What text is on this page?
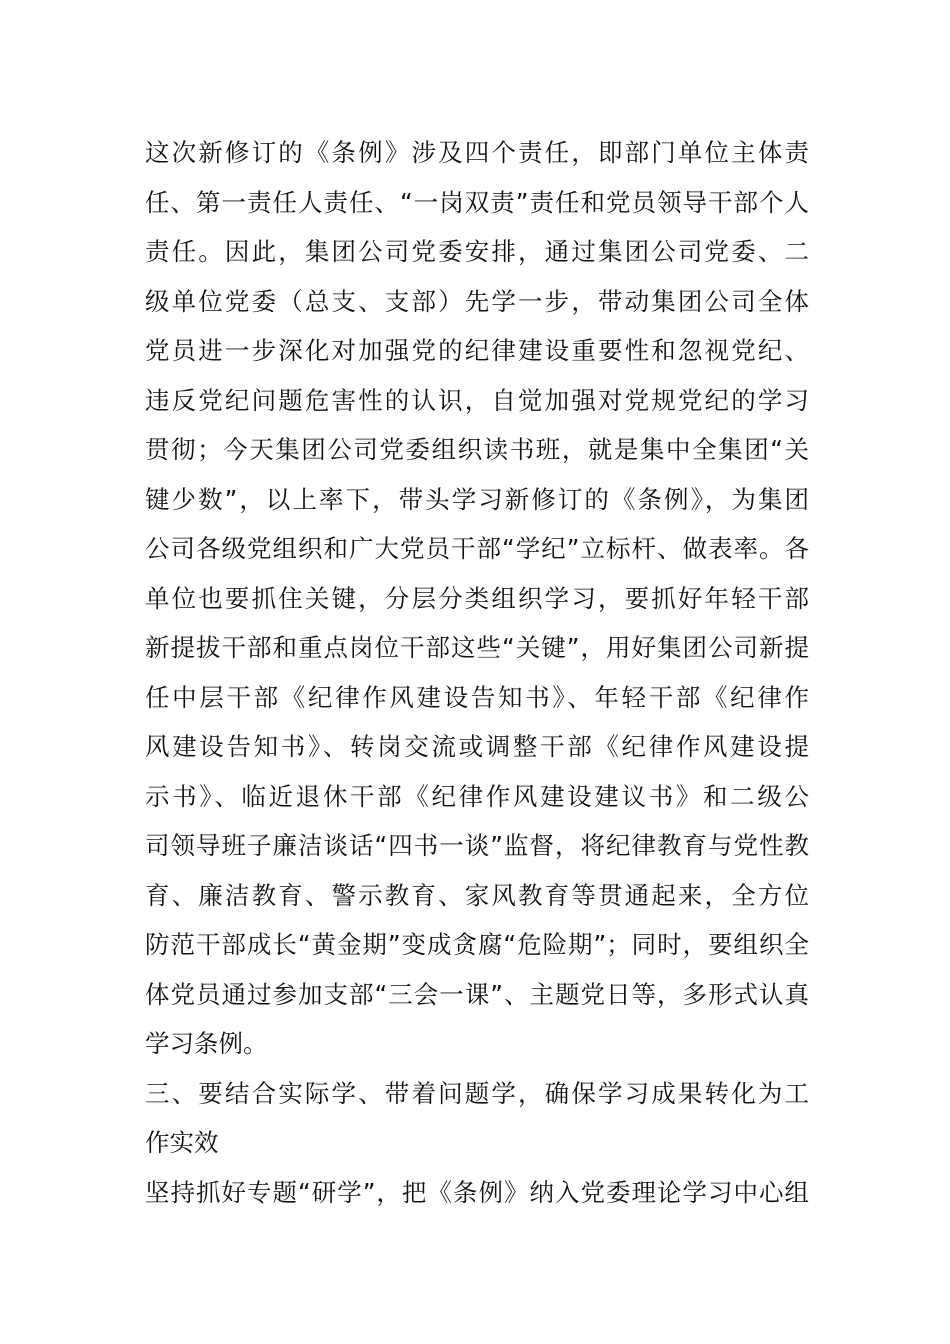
这次新修订的《条例》涉及四个责任，即部门单位主体责
任、第一责任人责任、“一岗双责”责任和党员领导干部个人
责任。因此，集团公司党委安排，通过集团公司党委、二
级单位党委（总支、支部）先学一步，带动集团公司全体
党员进一步深化对加强党的纪律建设重要性和忽视党纪、
违反党纪问题危害性的认识，自觉加强对党规党纪的学习
贯彻；今天集团公司党委组织读书班，就是集中全集团“关
键少数”，以上率下，带头学习新修订的《条例》，为集团
公司各级党组织和广大党员干部“学纪”立标杆、做表率。各
单位也要抓住关键，分层分类组织学习，要抓好年轻干部
新提拔干部和重点岗位干部这些“关键”，用好集团公司新提
任中层干部《纪律作风建设告知书》、年轻干部《纪律作
风建设告知书》、转岗交流或调整干部《纪律作风建设提
示书》、临近退休干部《纪律作风建设建议书》和二级公
司领导班子廉洁谈话“四书一谈”监督，将纪律教育与党性教
育、廉洁教育、警示教育、家风教育等贯通起来，全方位
防范干部成长“黄金期”变成贪腐“危险期”；同时，要组织全
体党员通过参加支部“三会一课”、主题党日等，多形式认真
学习条例。
三、要结合实际学、带着问题学，确保学习成果转化为工
作实效
坚持抓好专题“研学”，把《条例》纳入党委理论学习中心组
